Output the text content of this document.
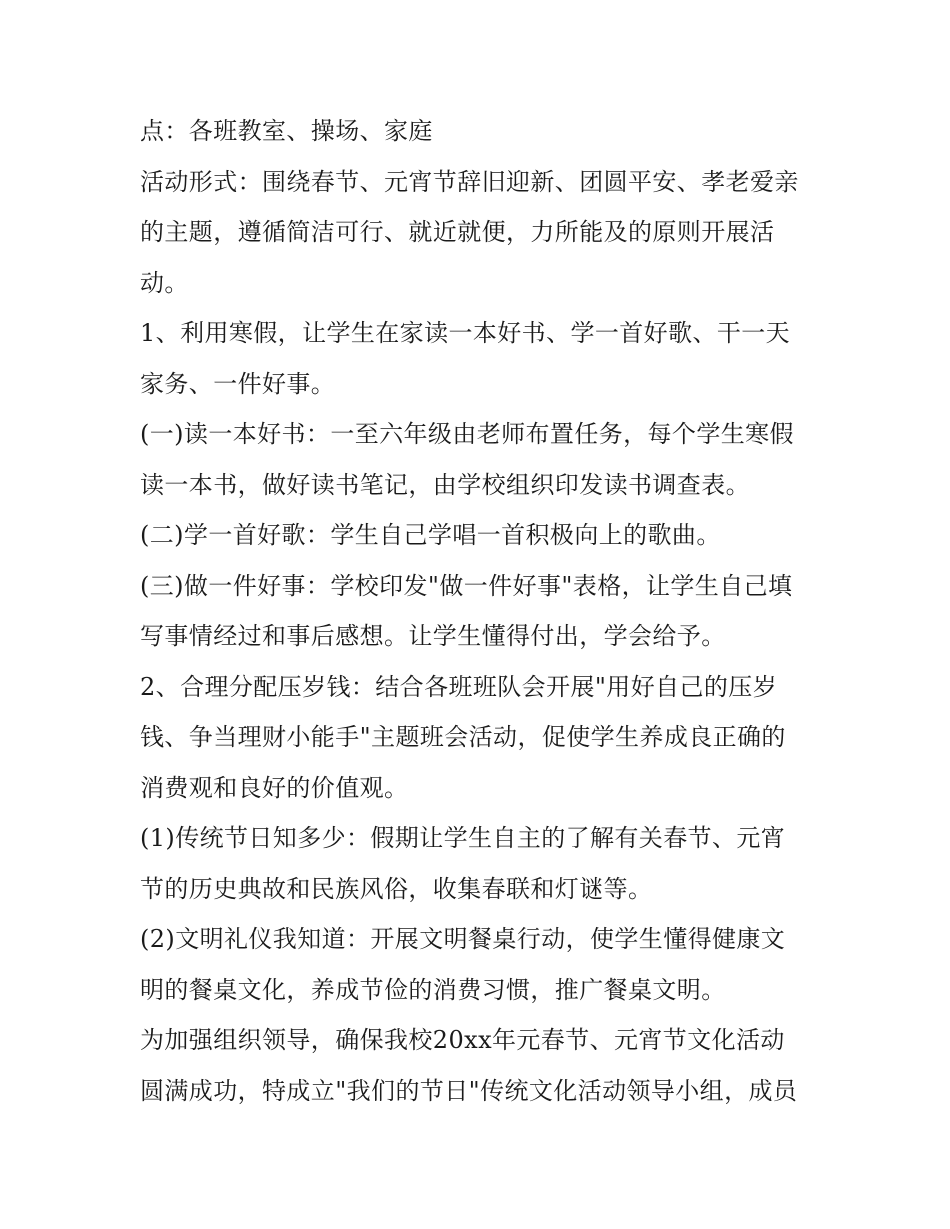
点：各班教室、操场、家庭
活动形式：围绕春节、元宵节辞旧迎新、团圆平安、孝老爱亲
的主题，遵循简洁可行、就近就便，力所能及的原则开展活
动。
1、利用寒假，让学生在家读一本好书、学一首好歌、干一天
家务、一件好事。
(一)读一本好书：一至六年级由老师布置任务，每个学生寒假
读一本书，做好读书笔记，由学校组织印发读书调查表。
(二)学一首好歌：学生自己学唱一首积极向上的歌曲。
(三)做一件好事：学校印发"做一件好事"表格，让学生自己填
写事情经过和事后感想。让学生懂得付出，学会给予。
2、合理分配压岁钱：结合各班班队会开展"用好自己的压岁
钱、争当理财小能手"主题班会活动，促使学生养成良正确的
消费观和良好的价值观。
(1)传统节日知多少：假期让学生自主的了解有关春节、元宵
节的历史典故和民族风俗，收集春联和灯谜等。
(2)文明礼仪我知道：开展文明餐桌行动，使学生懂得健康文
明的餐桌文化，养成节俭的消费习惯，推广餐桌文明。
为加强组织领导，确保我校20xx年元春节、元宵节文化活动
圆满成功，特成立"我们的节日"传统文化活动领导小组，成员
